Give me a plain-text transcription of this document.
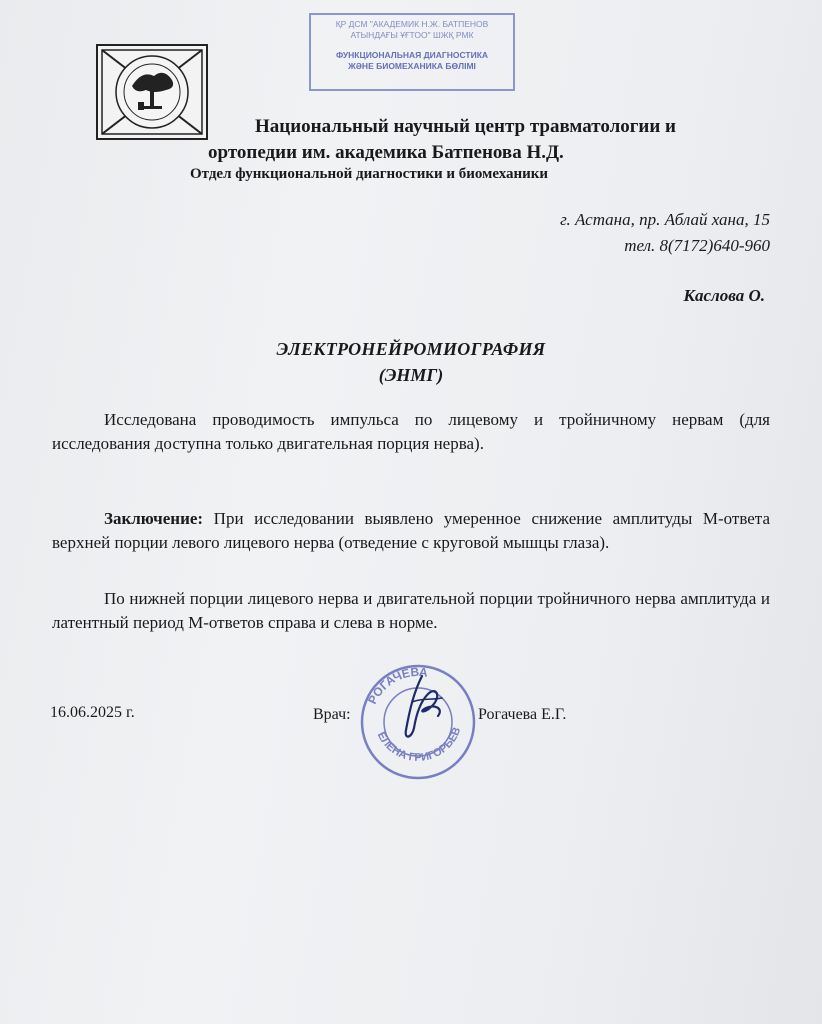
ҚР ДСМ "АКАДЕМИК Н.Ж. БАТПЕНОВ
АТЫНДАҒЫ ҰҒТОО" ШЖҚ РМК
ФУНКЦИОНАЛЬНАЯ ДИАГНОСТИКА
ЖӘНЕ БИОМЕХАНИКА БӨЛІМІ
Национальный научный центр травматологии и
ортопедии им. академика Батпенова Н.Д.
Отдел функциональной диагностики и биомеханики
г. Астана, пр. Аблай хана, 15
тел. 8(7172)640-960
Каслова О.
ЭЛЕКТРОНЕЙРОМИОГРАФИЯ
(ЭНМГ)
Исследована проводимость импульса по лицевому и тройничному нервам (для исследования доступна только двигательная порция нерва).
Заключение: При исследовании выявлено умеренное снижение амплитуды М-ответа верхней порции левого лицевого нерва (отведение с круговой мышцы глаза).
По нижней порции лицевого нерва и двигательной порции тройничного нерва амплитуда и латентный период М-ответов справа и слева в норме.
16.06.2025 г.	Врач:	Рогачева Е.Г.
РОГАЧЕВА
ЕЛЕНА ГРИГОРЬЕВ
